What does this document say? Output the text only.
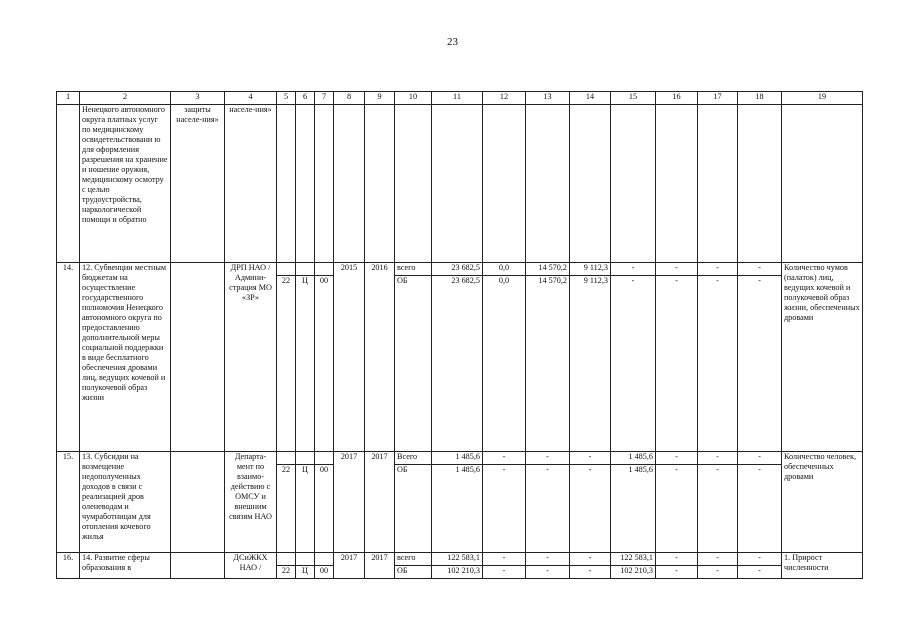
23
1	2	3	4	5	6	7	8	9	10	11	12	13	14	15	16	17	18	19
	Ненецкого автономного округа платных услуг по медицинскому освидетельствовани ю для оформления разрешения на хранение и ношение оружия, медицинскому осмотру с целью трудоустройства, наркологической помощи и обратно	защиты населе-ния»	населе-ния»															
14.	12. Субвенции местным бюджетам на осуществление государственного полномочия Ненецкого автономного округа по предоставлению дополнительной меры социальной поддержки в виде бесплатного обеспечения дровами лиц, ведущих кочевой и полукочевой образ жизни		ДРП НАО / Админи-страция МО «ЗР»				2015	2016	всего	23 682,5	0,0	14 570,2	9 112,3	-	-	-	-	Количество чумов (палаток) лиц, ведущих кочевой и полукочевой образ жизни, обеспеченных дровами
				22	Ц	00			ОБ	23 682,5	0,0	14 570,2	9 112,3	-	-	-	-	
15.	13. Субсидии на возмещение недополученных доходов в связи с реализацией дров оленеводам и чумработницам для отопления кочевого жилья		Департа-мент по взаимо-действию с ОМСУ и внешним связям НАО				2017	2017	Всего	1 485,6	-	-	-	1 485,6	-	-	-	Количество человек, обеспеченных дровами
				22	Ц	00			ОБ	1 485,6	-	-	-	1 485,6	-	-	-	
16.	14. Развитие сферы образования в		ДСиЖКХ НАО /				2017	2017	всего	122 583,1	-	-	-	122 583,1	-	-	-	1. Прирост численности
				22	Ц	00			ОБ	102 210,3	-	-	-	102 210,3	-	-	-	
